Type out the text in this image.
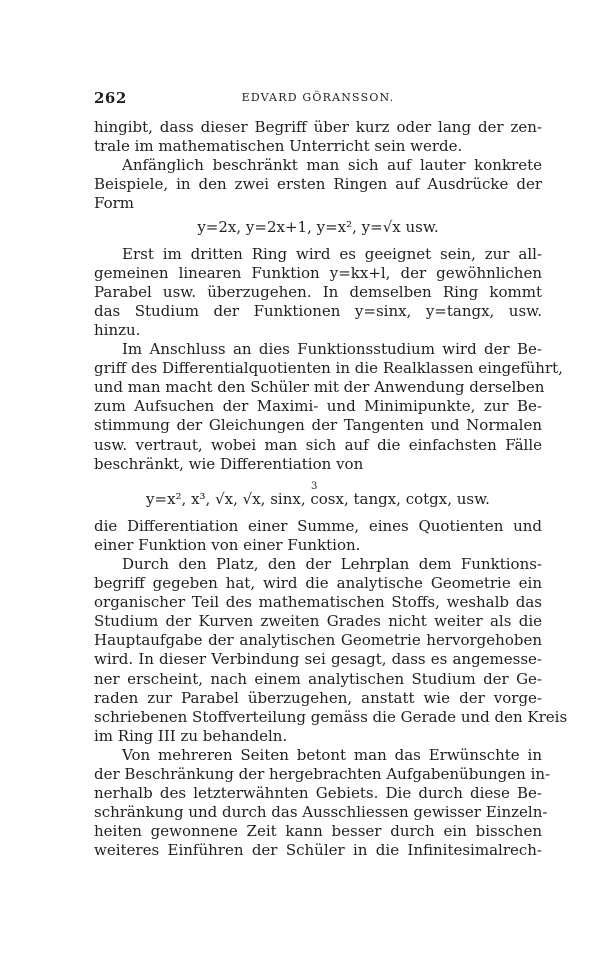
262	EDVARD GÖRANSSON.

hingibt, dass dieser Begriff über kurz oder lang der zen-
trale im mathematischen Unterricht sein werde.

Anfänglich beschränkt man sich auf lauter konkrete

Beispiele, in den zwei ersten Ringen auf Ausdrücke der
Form

y=2x, y=2x+1, y=x², y=√x usw.

Erst im dritten Ring wird es geeignet sein, zur all-

gemeinen linearen Funktion y=kx+l, der gewöhnlichen
Parabel usw. überzugehen. In demselben Ring kommt
das Studium der Funktionen y=sinx, y=tangx, usw.
hinzu.

Im Anschluss an dies Funktionsstudium wird der Be-

griff des Differentialquotienten in die Realklassen eingeführt,
und man macht den Schüler mit der Anwendung derselben
zum Aufsuchen der Maximi- und Minimipunkte, zur Be-
stimmung der Gleichungen der Tangenten und Normalen
usw. vertraut, wobei man sich auf die einfachsten Fälle
beschränkt, wie Differentiation von

3
y=x², x³, √x, √x, sinx, cosx, tangx, cotgx, usw.

die Differentiation einer Summe, eines Quotienten und
einer Funktion von einer Funktion.

Durch den Platz, den der Lehrplan dem Funktions-

begriff gegeben hat, wird die analytische Geometrie ein
organischer Teil des mathematischen Stoffs, weshalb das
Studium der Kurven zweiten Grades nicht weiter als die
Hauptaufgabe der analytischen Geometrie hervorgehoben
wird. In dieser Verbindung sei gesagt, dass es angemesse-
ner erscheint, nach einem analytischen Studium der Ge-
raden zur Parabel überzugehen, anstatt wie der vorge-
schriebenen Stoffverteilung gemäss die Gerade und den Kreis
im Ring III zu behandeln.

Von mehreren Seiten betont man das Erwünschte in

der Beschränkung der hergebrachten Aufgabenübungen in-
nerhalb des letzterwähnten Gebiets. Die durch diese Be-
schränkung und durch das Ausschliessen gewisser Einzeln-
heiten gewonnene Zeit kann besser durch ein bisschen
weiteres Einführen der Schüler in die Infinitesimalrech-
